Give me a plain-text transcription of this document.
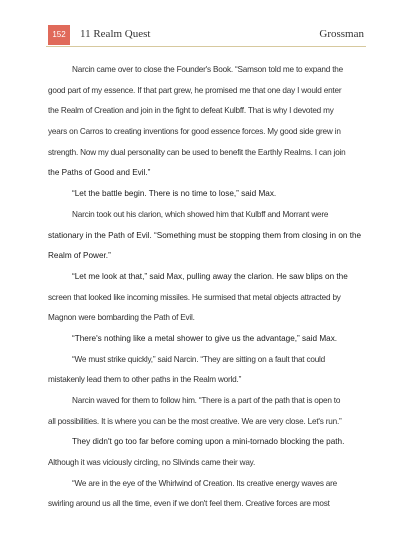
152	11 Realm Quest	Grossman
Narcin came over to close the Founder's Book. “Samson told me to expand the
good part of my essence. If that part grew, he promised me that one day I would enter
the Realm of Creation and join in the fight to defeat Kulbff. That is why I devoted my
years on Carros to creating inventions for good essence forces. My good side grew in
strength. Now my dual personality can be used to benefit the Earthly Realms. I can join
the Paths of Good and Evil.”
“Let the battle begin. There is no time to lose,” said Max.
Narcin took out his clarion, which showed him that Kulbff and Morrant were
stationary in the Path of Evil. “Something must be stopping them from closing in on the
Realm of Power.”
“Let me look at that,” said Max, pulling away the clarion. He saw blips on the
screen that looked like incoming missiles. He surmised that metal objects attracted by
Magnon were bombarding the Path of Evil.
“There's nothing like a metal shower to give us the advantage,” said Max.
“We must strike quickly,” said Narcin. “They are sitting on a fault that could
mistakenly lead them to other paths in the Realm world.”
Narcin waved for them to follow him. “There is a part of the path that is open to
all possibilities. It is where you can be the most creative. We are very close. Let's run.”
They didn't go too far before coming upon a mini-tornado blocking the path.
Although it was viciously circling, no Slivinds came their way.
“We are in the eye of the Whirlwind of Creation. Its creative energy waves are
swirling around us all the time, even if we don't feel them. Creative forces are most
